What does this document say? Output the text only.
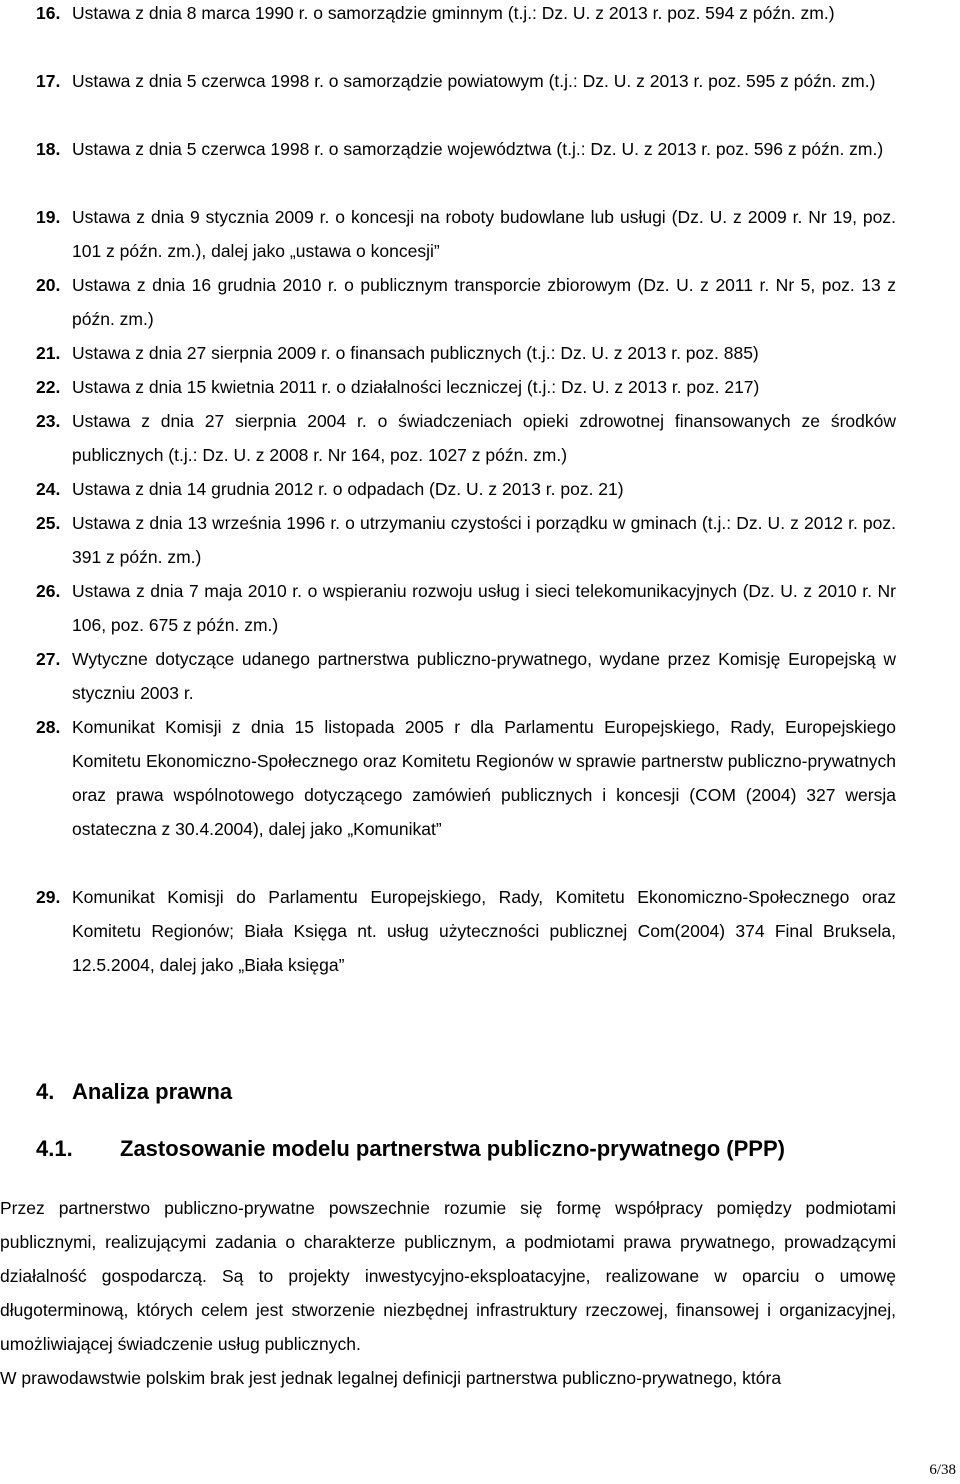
16. Ustawa z dnia 8 marca 1990 r. o samorządzie gminnym (t.j.: Dz. U. z 2013 r. poz. 594 z późn. zm.)
17. Ustawa z dnia 5 czerwca 1998 r. o samorządzie powiatowym (t.j.: Dz. U. z 2013 r. poz. 595 z późn. zm.)
18. Ustawa z dnia 5 czerwca 1998 r. o samorządzie województwa (t.j.: Dz. U. z 2013 r. poz. 596 z późn. zm.)
19. Ustawa z dnia 9 stycznia 2009 r. o koncesji na roboty budowlane lub usługi (Dz. U. z 2009 r. Nr 19, poz. 101 z późn. zm.), dalej jako „ustawa o koncesji”
20. Ustawa z dnia 16 grudnia 2010 r. o publicznym transporcie zbiorowym (Dz. U. z 2011 r. Nr 5, poz. 13 z późn. zm.)
21. Ustawa z dnia 27 sierpnia 2009 r. o finansach publicznych (t.j.: Dz. U. z 2013 r. poz. 885)
22. Ustawa z dnia 15 kwietnia 2011 r. o działalności leczniczej (t.j.: Dz. U. z 2013 r. poz. 217)
23. Ustawa z dnia 27 sierpnia 2004 r. o świadczeniach opieki zdrowotnej finansowanych ze środków publicznych (t.j.: Dz. U. z 2008 r. Nr 164, poz. 1027 z późn. zm.)
24. Ustawa z dnia 14 grudnia 2012 r. o odpadach (Dz. U. z 2013 r. poz. 21)
25. Ustawa z dnia 13 września 1996 r. o utrzymaniu czystości i porządku w gminach (t.j.: Dz. U. z 2012 r. poz. 391 z późn. zm.)
26. Ustawa z dnia 7 maja 2010 r. o wspieraniu rozwoju usług i sieci telekomunikacyjnych (Dz. U. z 2010 r. Nr 106, poz. 675 z późn. zm.)
27. Wytyczne dotyczące udanego partnerstwa publiczno-prywatnego, wydane przez Komisję Europejską w styczniu 2003 r.
28. Komunikat Komisji z dnia 15 listopada 2005 r dla Parlamentu Europejskiego, Rady, Europejskiego Komitetu Ekonomiczno-Społecznego oraz Komitetu Regionów w sprawie partnerstw publiczno-prywatnych oraz prawa wspólnotowego dotyczącego zamówień publicznych i koncesji (COM (2004) 327 wersja ostateczna z 30.4.2004), dalej jako „Komunikat”
29. Komunikat Komisji do Parlamentu Europejskiego, Rady, Komitetu Ekonomiczno-Społecznego oraz Komitetu Regionów; Biała Księga nt. usług użyteczności publicznej Com(2004) 374 Final Bruksela, 12.5.2004, dalej jako „Biała księga”
4. Analiza prawna
4.1. Zastosowanie modelu partnerstwa publiczno-prywatnego (PPP)
Przez partnerstwo publiczno-prywatne powszechnie rozumie się formę współpracy pomiędzy podmiotami publicznymi, realizującymi zadania o charakterze publicznym, a podmiotami prawa prywatnego, prowadzącymi działalność gospodarczą. Są to projekty inwestycyjno-eksploatacyjne, realizowane w oparciu o umowę długoterminową, których celem jest stworzenie niezbędnej infrastruktury rzeczowej, finansowej i organizacyjnej, umożliwiającej świadczenie usług publicznych.
W prawodawstwie polskim brak jest jednak legalnej definicji partnerstwa publiczno-prywatnego, która
6/38
